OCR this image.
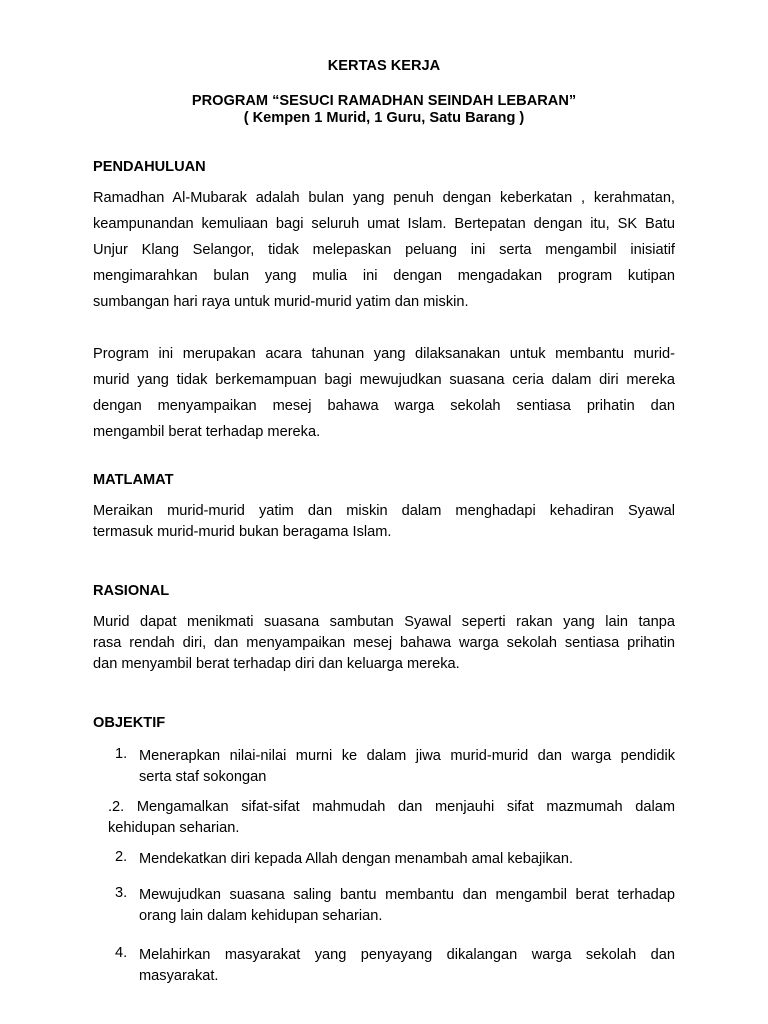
KERTAS KERJA
PROGRAM “SESUCI RAMADHAN SEINDAH LEBARAN”
( Kempen 1 Murid, 1 Guru, Satu Barang )
PENDAHULUAN
Ramadhan Al-Mubarak adalah bulan yang penuh dengan keberkatan , kerahmatan,
keampunandan kemuliaan bagi seluruh umat Islam. Bertepatan dengan itu, SK Batu
Unjur Klang Selangor, tidak melepaskan peluang ini serta mengambil inisiatif
mengimarahkan bulan yang mulia ini dengan mengadakan program kutipan
sumbangan hari raya untuk murid-murid yatim dan miskin.
Program ini merupakan acara tahunan yang dilaksanakan untuk membantu murid-
murid yang tidak berkemampuan bagi mewujudkan suasana ceria dalam diri mereka
dengan menyampaikan mesej bahawa warga sekolah sentiasa prihatin dan
mengambil berat terhadap mereka.
MATLAMAT
Meraikan murid-murid yatim dan miskin dalam menghadapi kehadiran Syawal
termasuk murid-murid bukan beragama Islam.
RASIONAL
Murid dapat menikmati suasana sambutan Syawal seperti rakan yang lain tanpa
rasa rendah diri, dan menyampaikan mesej bahawa warga sekolah sentiasa prihatin
dan menyambil berat terhadap diri dan keluarga mereka.
OBJEKTIF
1. Menerapkan nilai-nilai murni ke dalam jiwa murid-murid dan warga pendidik
serta staf sokongan
.2. Mengamalkan sifat-sifat mahmudah dan menjauhi sifat mazmumah dalam
kehidupan seharian.
2. Mendekatkan diri kepada Allah dengan menambah amal kebajikan.
3. Mewujudkan suasana saling bantu membantu dan mengambil berat terhadap
orang lain dalam kehidupan seharian.
4. Melahirkan masyarakat yang penyayang dikalangan warga sekolah dan
masyarakat.
